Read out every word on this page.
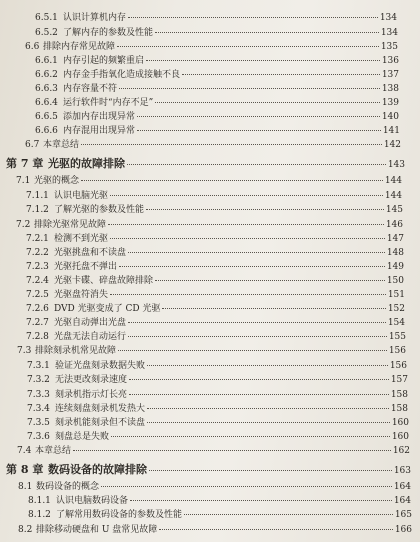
6.5.1 认识计算机内存	134
6.5.2 了解内存的参数及性能	134
6.6 排除内存常见故障	135
6.6.1 内存引起的频繁重启	136
6.6.2 内存金手指氧化造成接触不良	137
6.6.3 内存容量不符	138
6.6.4 运行软件时“内存不足”	139
6.6.5 添加内存出现异常	140
6.6.6 内存混用出现异常	141
6.7 本章总结	142
第 7 章 光驱的故障排除	143
7.1 光驱的概念	144
7.1.1 认识电脑光驱	144
7.1.2 了解光驱的参数及性能	145
7.2 排除光驱常见故障	146
7.2.1 检测不到光驱	147
7.2.2 光驱挑盘和不读盘	148
7.2.3 光驱托盘不弹出	149
7.2.4 光驱卡碟、碎盘故障排除	150
7.2.5 光驱盘符消失	151
7.2.6 DVD 光驱变成了 CD 光驱	152
7.2.7 光驱自动弹出光盘	154
7.2.8 光盘无法自动运行	155
7.3 排除刻录机常见故障	156
7.3.1 验证光盘刻录数据失败	156
7.3.2 无法更改刻录速度	157
7.3.3 刻录机指示灯长亮	158
7.3.4 连续刻盘刻录机发热大	158
7.3.5 刻录机能刻录但不读盘	160
7.3.6 刻盘总是失败	160
7.4 本章总结	162
第 8 章 数码设备的故障排除	163
8.1 数码设备的概念	164
8.1.1 认识电脑数码设备	164
8.1.2 了解常用数码设备的参数及性能	165
8.2 排除移动硬盘和 U 盘常见故障	166
